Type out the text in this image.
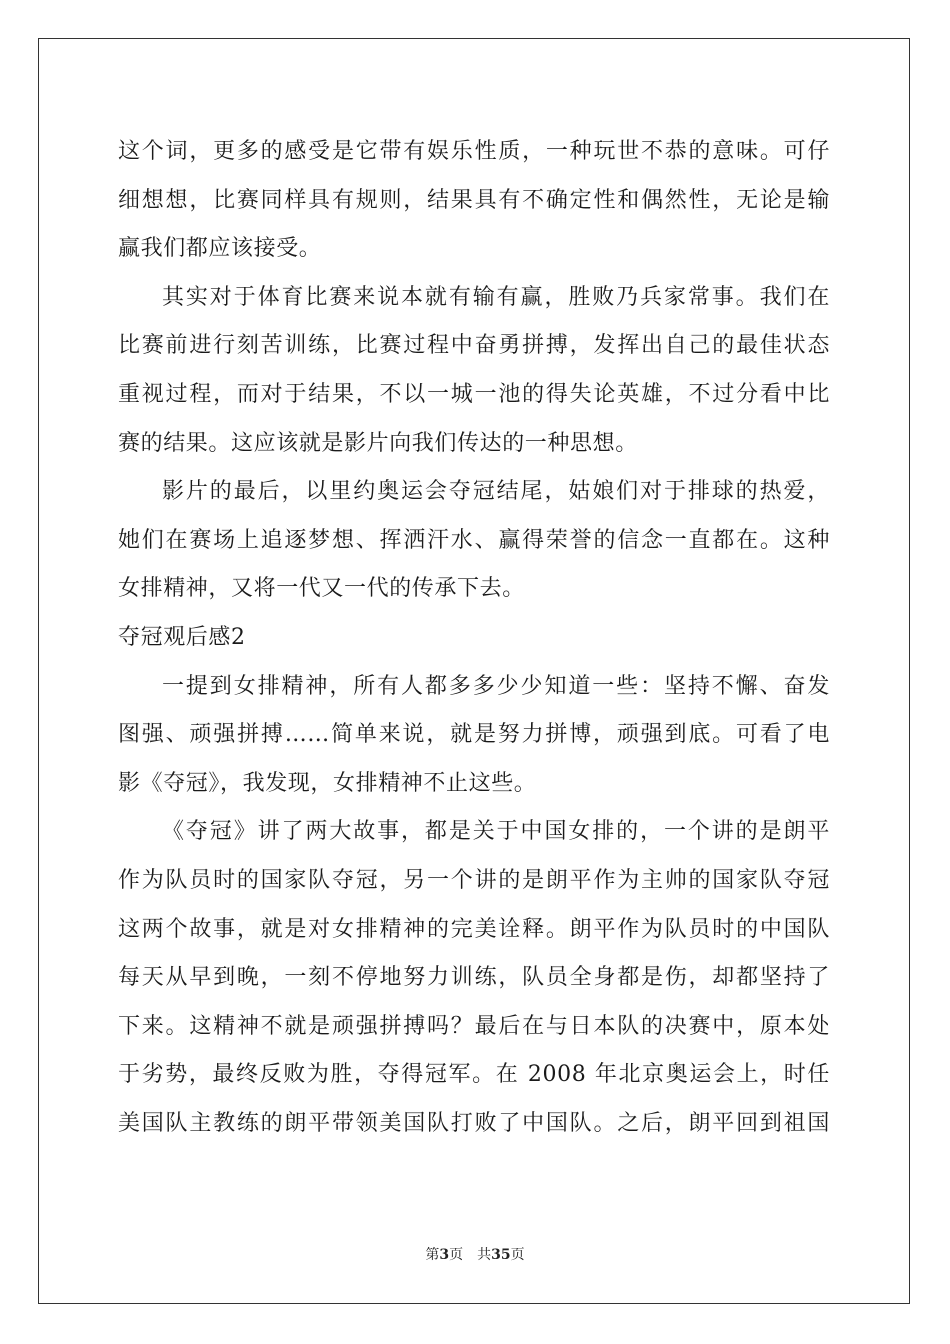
这个词，更多的感受是它带有娱乐性质，一种玩世不恭的意味。可仔
细想想，比赛同样具有规则，结果具有不确定性和偶然性，无论是输
赢我们都应该接受。
其实对于体育比赛来说本就有输有赢，胜败乃兵家常事。我们在
比赛前进行刻苦训练，比赛过程中奋勇拼搏，发挥出自己的最佳状态
重视过程，而对于结果，不以一城一池的得失论英雄，不过分看中比
赛的结果。这应该就是影片向我们传达的一种思想。
影片的最后，以里约奥运会夺冠结尾，姑娘们对于排球的热爱，
她们在赛场上追逐梦想、挥洒汗水、赢得荣誉的信念一直都在。这种
女排精神，又将一代又一代的传承下去。
夺冠观后感2
一提到女排精神，所有人都多多少少知道一些：坚持不懈、奋发
图强、顽强拼搏……简单来说，就是努力拼博，顽强到底。可看了电
影《夺冠》，我发现，女排精神不止这些。
《夺冠》讲了两大故事，都是关于中国女排的，一个讲的是朗平
作为队员时的国家队夺冠，另一个讲的是朗平作为主帅的国家队夺冠
这两个故事，就是对女排精神的完美诠释。朗平作为队员时的中国队
每天从早到晚，一刻不停地努力训练，队员全身都是伤，却都坚持了
下来。这精神不就是顽强拼搏吗？最后在与日本队的决赛中，原本处
于劣势，最终反败为胜，夺得冠军。在 2008 年北京奥运会上，时任
美国队主教练的朗平带领美国队打败了中国队。之后，朗平回到祖国
第3页 共35页
